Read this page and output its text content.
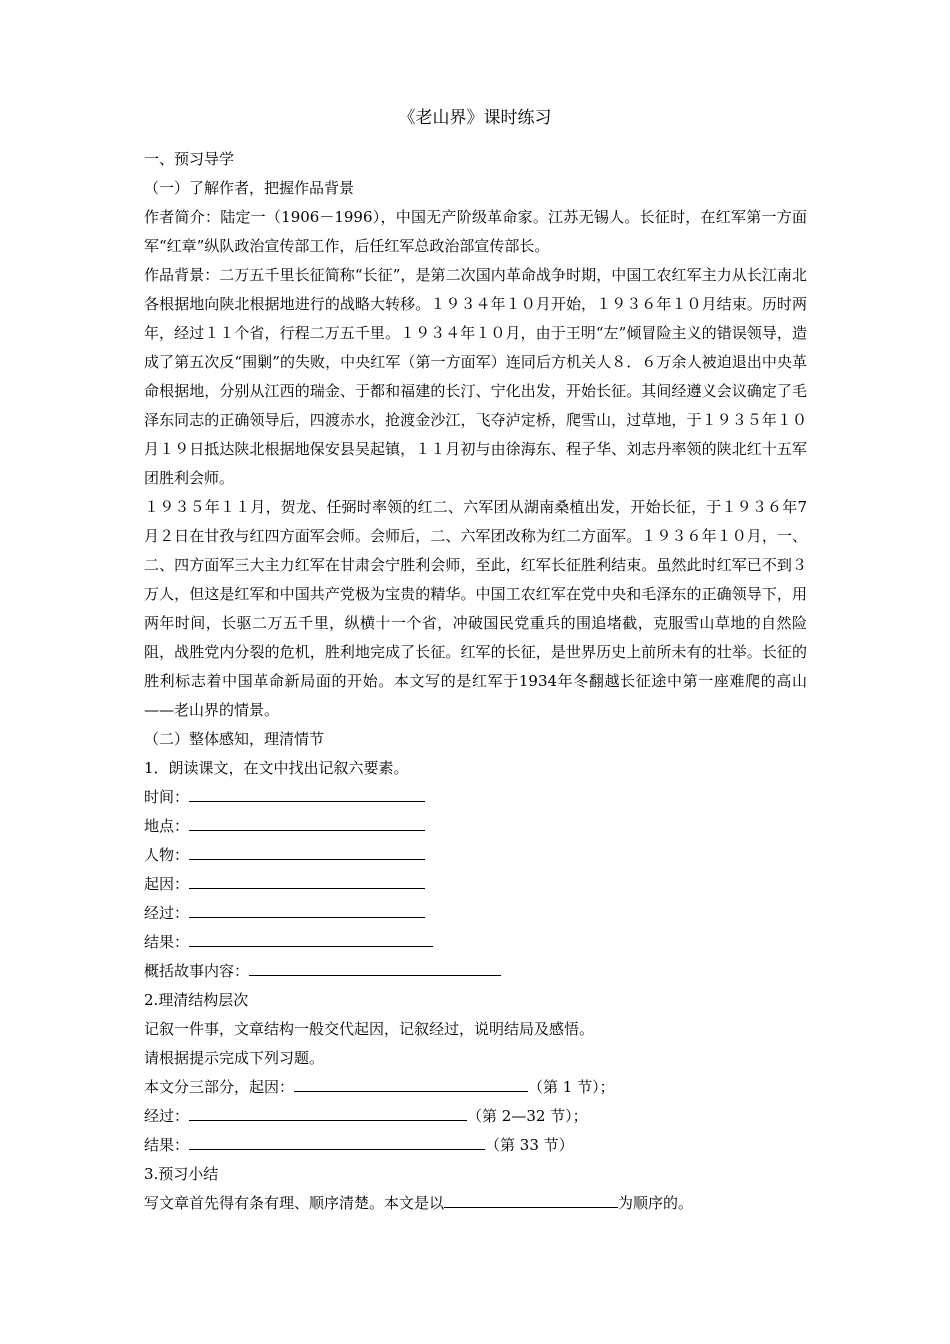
《老山界》课时练习

一、预习导学

（一）了解作者，把握作品背景

作者简介：陆定一（1906－1996），中国无产阶级革命家。江苏无锡人。长征时，在红军第一方面军“红章”纵队政治宣传部工作，后任红军总政治部宣传部长。

作品背景：二万五千里长征简称“长征”，是第二次国内革命战争时期，中国工农红军主力从长江南北各根据地向陕北根据地进行的战略大转移。１９３４年１０月开始，１９３６年１０月结束。历时两年，经过１１个省，行程二万五千里。１９３４年１０月，由于王明“左”倾冒险主义的错误领导，造成了第五次反“围剿”的失败，中央红军（第一方面军）连同后方机关人８．６万余人被迫退出中央革命根据地，分别从江西的瑞金、于都和福建的长汀、宁化出发，开始长征。其间经遵义会议确定了毛泽东同志的正确领导后，四渡赤水，抢渡金沙江，飞夺泸定桥，爬雪山，过草地，于１９３５年１０月１９日抵达陕北根据地保安县吴起镇，１１月初与由徐海东、程子华、刘志丹率领的陕北红十五军团胜利会师。

１９３５年１１月，贺龙、任弼时率领的红二、六军团从湖南桑植出发，开始长征，于１９３６年7月２日在甘孜与红四方面军会师。会师后，二、六军团改称为红二方面军。１９３６年１０月，一、二、四方面军三大主力红军在甘肃会宁胜利会师，至此，红军长征胜利结束。虽然此时红军已不到３万人，但这是红军和中国共产党极为宝贵的精华。中国工农红军在党中央和毛泽东的正确领导下，用两年时间，长驱二万五千里，纵横十一个省，冲破国民党重兵的围追堵截，克服雪山草地的自然险阻，战胜党内分裂的危机，胜利地完成了长征。红军的长征，是世界历史上前所未有的壮举。长征的胜利标志着中国革命新局面的开始。本文写的是红军于1934年冬翻越长征途中第一座难爬的高山——老山界的情景。

（二）整体感知，理清情节

1．朗读课文，在文中找出记叙六要素。

时间：
地点：
人物：
起因：
经过：
结果：
概括故事内容：

2.理清结构层次

记叙一件事，文章结构一般交代起因，记叙经过，说明结局及感悟。

请根据提示完成下列习题。

本文分三部分，起因：	（第 1 节）；
经过：	（第 2—32 节）；
结果：	（第 33 节）

3.预习小结

写文章首先得有条有理、顺序清楚。本文是以	为顺序的。
